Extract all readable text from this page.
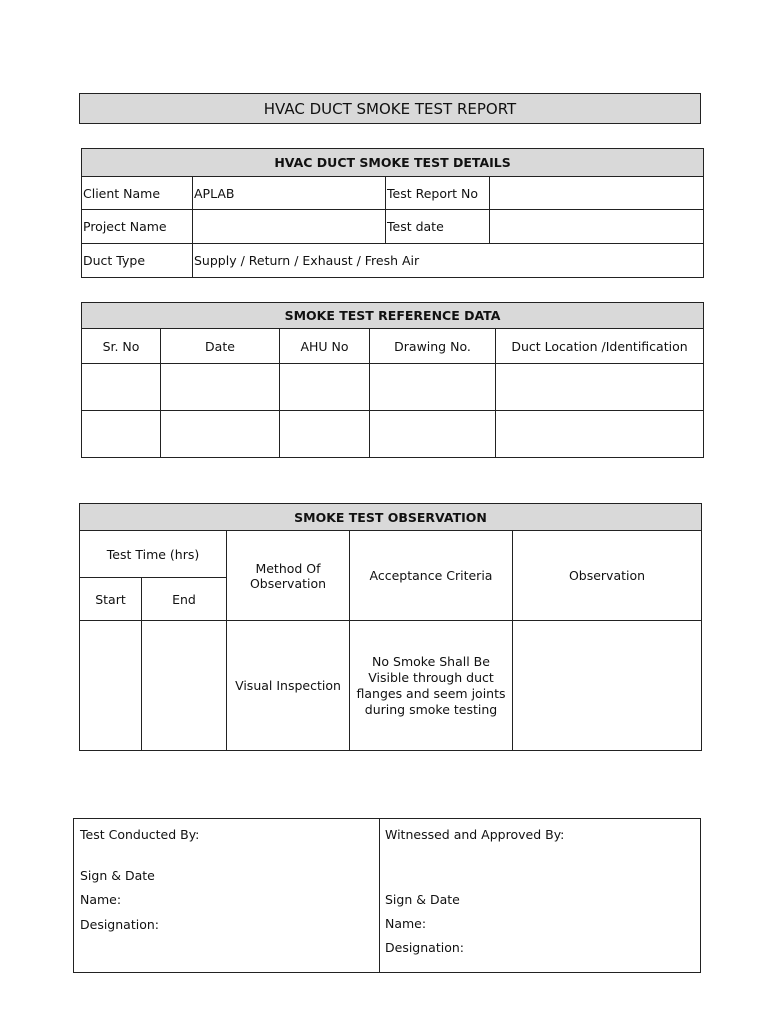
HVAC DUCT SMOKE TEST REPORT
HVAC DUCT SMOKE TEST DETAILS			
Client Name	APLAB	Test Report No	
Project Name		Test date	
Duct Type	Supply / Return / Exhaust / Fresh Air		
SMOKE TEST REFERENCE DATA				
Sr. No	Date	AHU No	Drawing No.	Duct Location /Identification

SMOKE TEST OBSERVATION				
Test Time (hrs)		Method Of Observation	Acceptance Criteria	Observation
Start	End			
		Visual Inspection	No Smoke Shall Be Visible through duct flanges and seem joints during smoke testing	
Test Conducted By:
Sign & Date
Name:
Designation:
Witnessed and Approved By:
Sign & Date
Name:
Designation:
